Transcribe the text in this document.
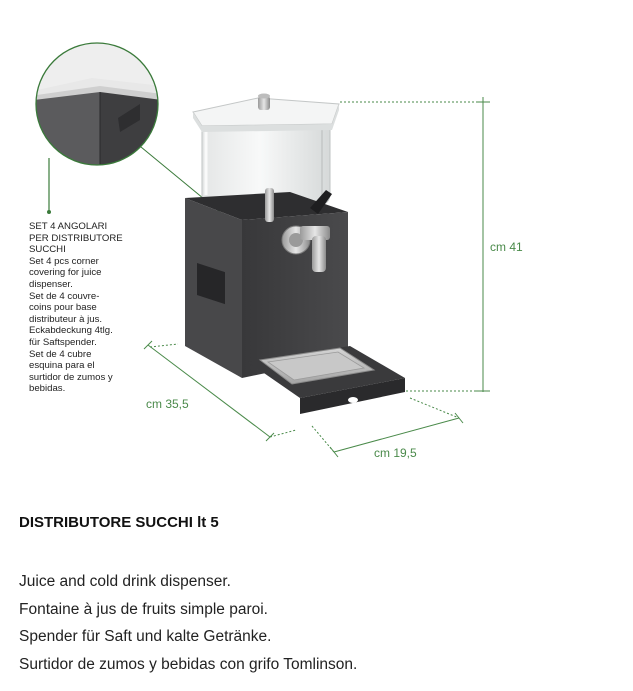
cm 41
cm 35,5
cm 19,5
SET 4 ANGOLARI
PER DISTRIBUTORE
SUCCHI
Set 4 pcs corner
covering for juice
dispenser.
Set de 4 couvre-
coins pour base
distributeur à jus.
Eckabdeckung 4tlg.
für Saftspender.
Set de 4 cubre
esquina para el
surtidor de zumos y
bebidas.
DISTRIBUTORE SUCCHI lt 5
Juice and cold drink dispenser.
Fontaine à jus de fruits simple paroi.
Spender für Saft und kalte Getränke.
Surtidor de zumos y bebidas con grifo Tomlinson.
